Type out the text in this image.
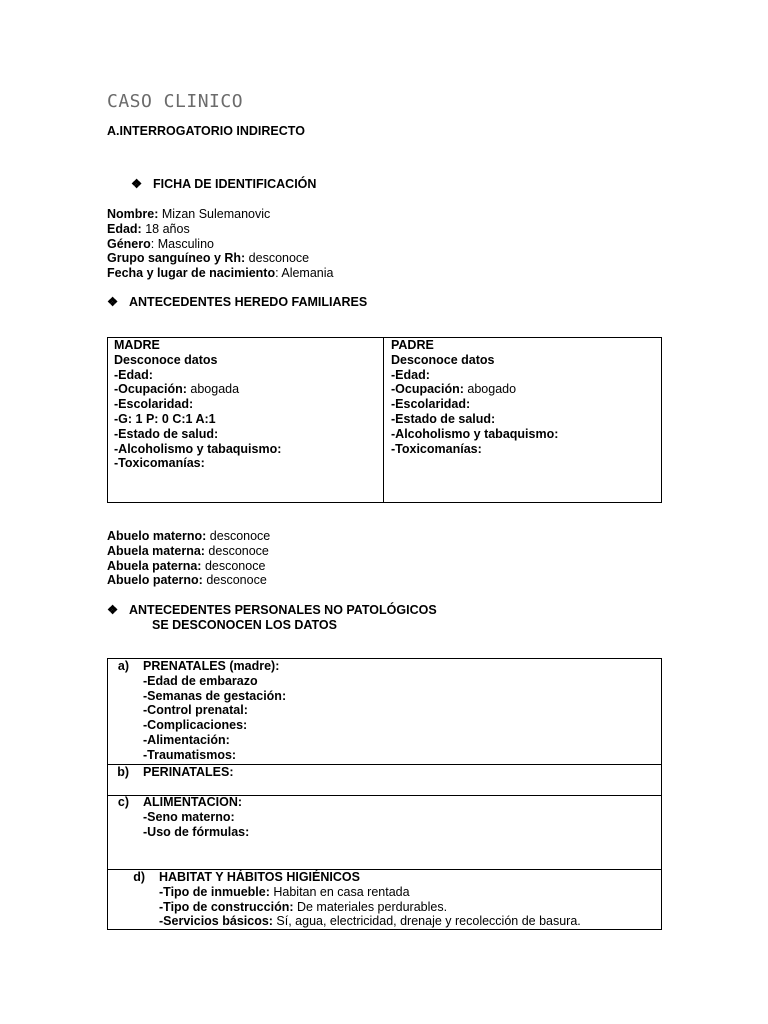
CASO CLINICO
A.INTERROGATORIO INDIRECTO
❖ FICHA DE IDENTIFICACIÓN
Nombre: Mizan Sulemanovic
Edad: 18 años
Género: Masculino
Grupo sanguíneo y Rh: desconoce
Fecha y lugar de nacimiento: Alemania
❖ ANTECEDENTES HEREDO FAMILIARES
MADRE
Desconoce datos
-Edad:
-Ocupación: abogada
-Escolaridad:
-G: 1 P: 0 C:1 A:1
-Estado de salud:
-Alcoholismo y tabaquismo:
-Toxicomanías:
PADRE
Desconoce datos
-Edad:
-Ocupación: abogado
-Escolaridad:
-Estado de salud:
-Alcoholismo y tabaquismo:
-Toxicomanías:
Abuelo materno: desconoce
Abuela materna: desconoce
Abuela paterna: desconoce
Abuelo paterno: desconoce
❖ ANTECEDENTES PERSONALES NO PATOLÓGICOS
SE DESCONOCEN LOS DATOS
a) PRENATALES (madre):
-Edad de embarazo
-Semanas de gestación:
-Control prenatal:
-Complicaciones:
-Alimentación:
-Traumatismos:
b) PERINATALES:
c) ALIMENTACION:
-Seno materno:
-Uso de fórmulas:
d) HABITAT Y HÁBITOS HIGIÉNICOS
-Tipo de inmueble: Habitan en casa rentada
-Tipo de construcción: De materiales perdurables.
-Servicios básicos: Sí, agua, electricidad, drenaje y recolección de basura.
